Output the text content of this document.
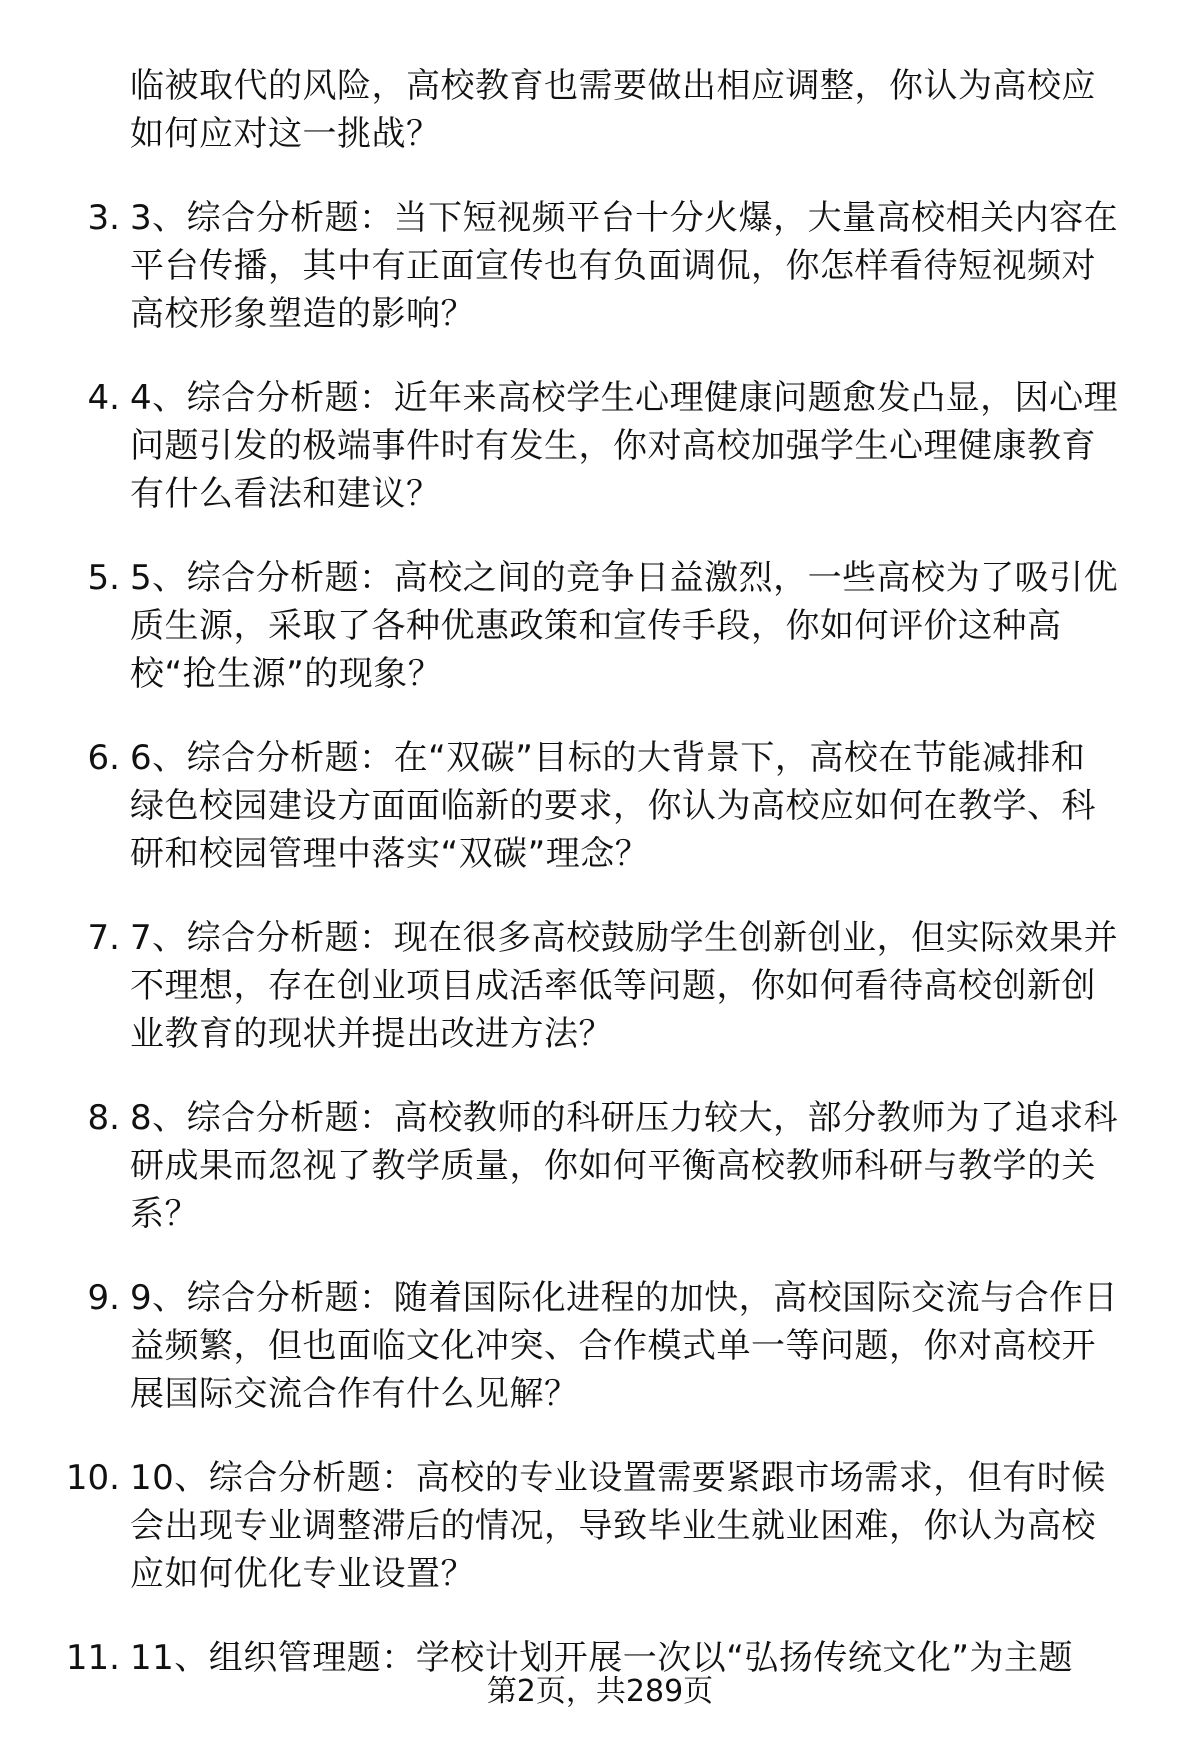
临被取代的风险，高校教育也需要做出相应调整，你认为高校应
如何应对这一挑战？
3. 3、综合分析题：当下短视频平台十分火爆，大量高校相关内容在
平台传播，其中有正面宣传也有负面调侃，你怎样看待短视频对
高校形象塑造的影响？
4. 4、综合分析题：近年来高校学生心理健康问题愈发凸显，因心理
问题引发的极端事件时有发生，你对高校加强学生心理健康教育
有什么看法和建议？
5. 5、综合分析题：高校之间的竞争日益激烈，一些高校为了吸引优
质生源，采取了各种优惠政策和宣传手段，你如何评价这种高
校“抢生源”的现象？
6. 6、综合分析题：在“双碳”目标的大背景下，高校在节能减排和
绿色校园建设方面面临新的要求，你认为高校应如何在教学、科
研和校园管理中落实“双碳”理念？
7. 7、综合分析题：现在很多高校鼓励学生创新创业，但实际效果并
不理想，存在创业项目成活率低等问题，你如何看待高校创新创
业教育的现状并提出改进方法？
8. 8、综合分析题：高校教师的科研压力较大，部分教师为了追求科
研成果而忽视了教学质量，你如何平衡高校教师科研与教学的关
系？
9. 9、综合分析题：随着国际化进程的加快，高校国际交流与合作日
益频繁，但也面临文化冲突、合作模式单一等问题，你对高校开
展国际交流合作有什么见解？
10. 10、综合分析题：高校的专业设置需要紧跟市场需求，但有时候
会出现专业调整滞后的情况，导致毕业生就业困难，你认为高校
应如何优化专业设置？
11. 11、组织管理题：学校计划开展一次以“弘扬传统文化”为主题
第2页，共289页
